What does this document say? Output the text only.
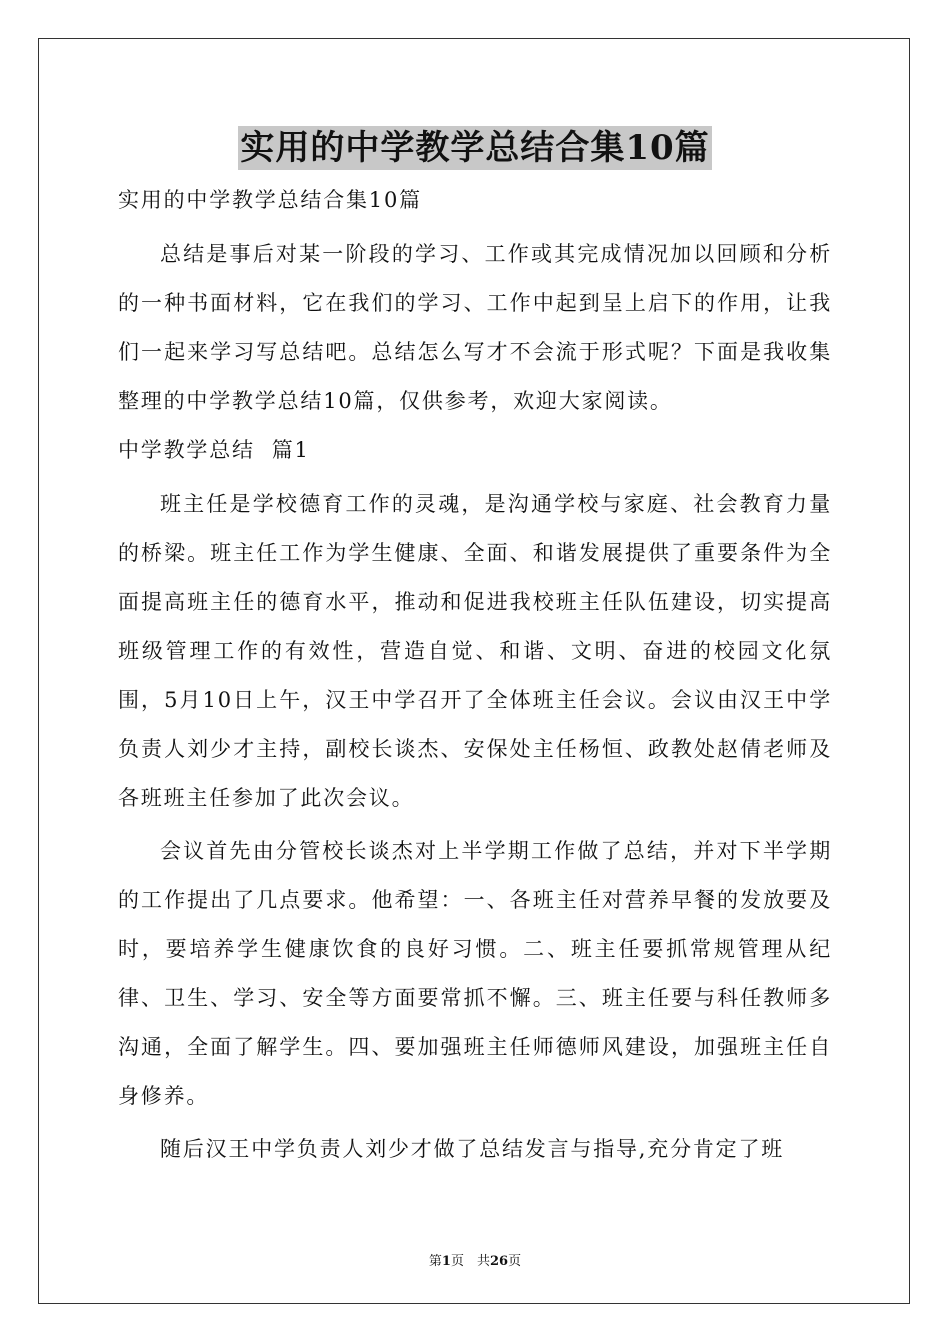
实用的中学教学总结合集10篇
实用的中学教学总结合集10篇

总结是事后对某一阶段的学习、工作或其完成情况加以回顾和分析的一种书面材料，它在我们的学习、工作中起到呈上启下的作用，让我们一起来学习写总结吧。总结怎么写才不会流于形式呢？下面是我收集整理的中学教学总结10篇，仅供参考，欢迎大家阅读。

中学教学总结  篇1

班主任是学校德育工作的灵魂，是沟通学校与家庭、社会教育力量的桥梁。班主任工作为学生健康、全面、和谐发展提供了重要条件为全面提高班主任的德育水平，推动和促进我校班主任队伍建设，切实提高班级管理工作的有效性，营造自觉、和谐、文明、奋进的校园文化氛围，5月10日上午，汉王中学召开了全体班主任会议。会议由汉王中学负责人刘少才主持，副校长谈杰、安保处主任杨恒、政教处赵倩老师及各班班主任参加了此次会议。

会议首先由分管校长谈杰对上半学期工作做了总结，并对下半学期的工作提出了几点要求。他希望：一、各班主任对营养早餐的发放要及时，要培养学生健康饮食的良好习惯。二、班主任要抓常规管理从纪律、卫生、学习、安全等方面要常抓不懈。三、班主任要与科任教师多沟通，全面了解学生。四、要加强班主任师德师风建设，加强班主任自身修养。

随后汉王中学负责人刘少才做了总结发言与指导,充分肯定了班

第1页　共26页
